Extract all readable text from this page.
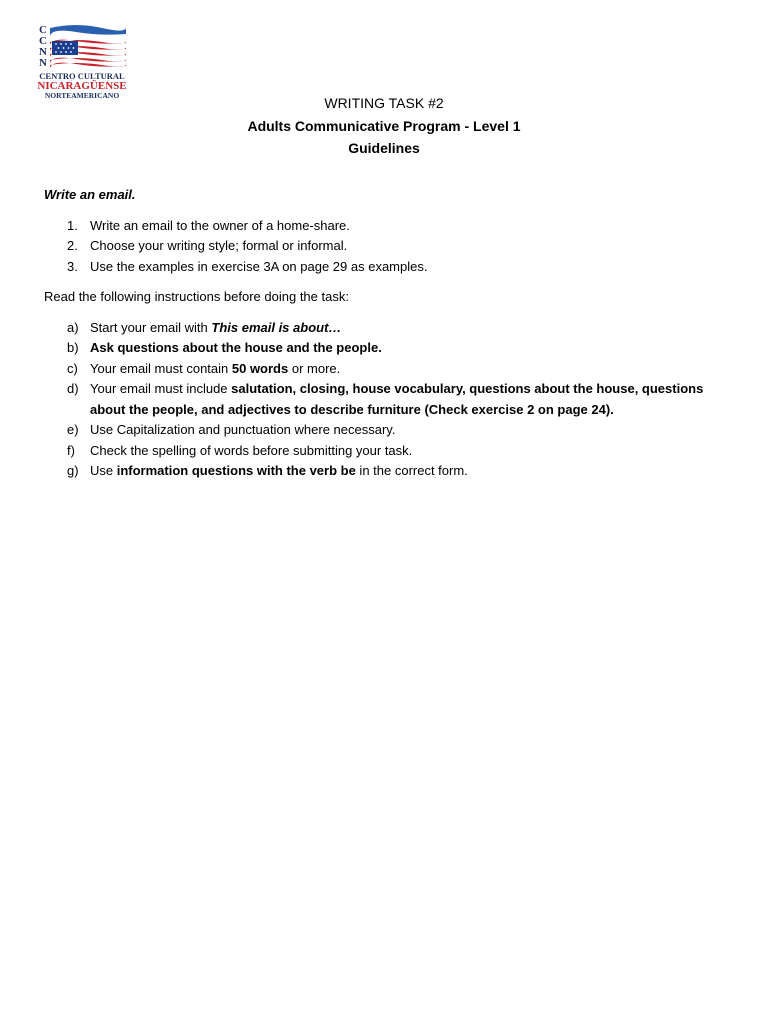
C
C
N
N
CENTRO CULTURAL
NICARAGÜENSE
NORTEAMERICANO	WRITING TASK #2
Adults Communicative Program - Level 1
Guidelines
Write an email.
1. Write an email to the owner of a home-share.
2. Choose your writing style; formal or informal.
3. Use the examples in exercise 3A on page 29 as examples.
Read the following instructions before doing the task:
a) Start your email with This email is about…
b) Ask questions about the house and the people.
c) Your email must contain 50 words or more.
d) Your email must include salutation, closing, house vocabulary, questions about the house, questions about the people, and adjectives to describe furniture (Check exercise 2 on page 24).
e) Use Capitalization and punctuation where necessary.
f) Check the spelling of words before submitting your task.
g) Use information questions with the verb be in the correct form.
